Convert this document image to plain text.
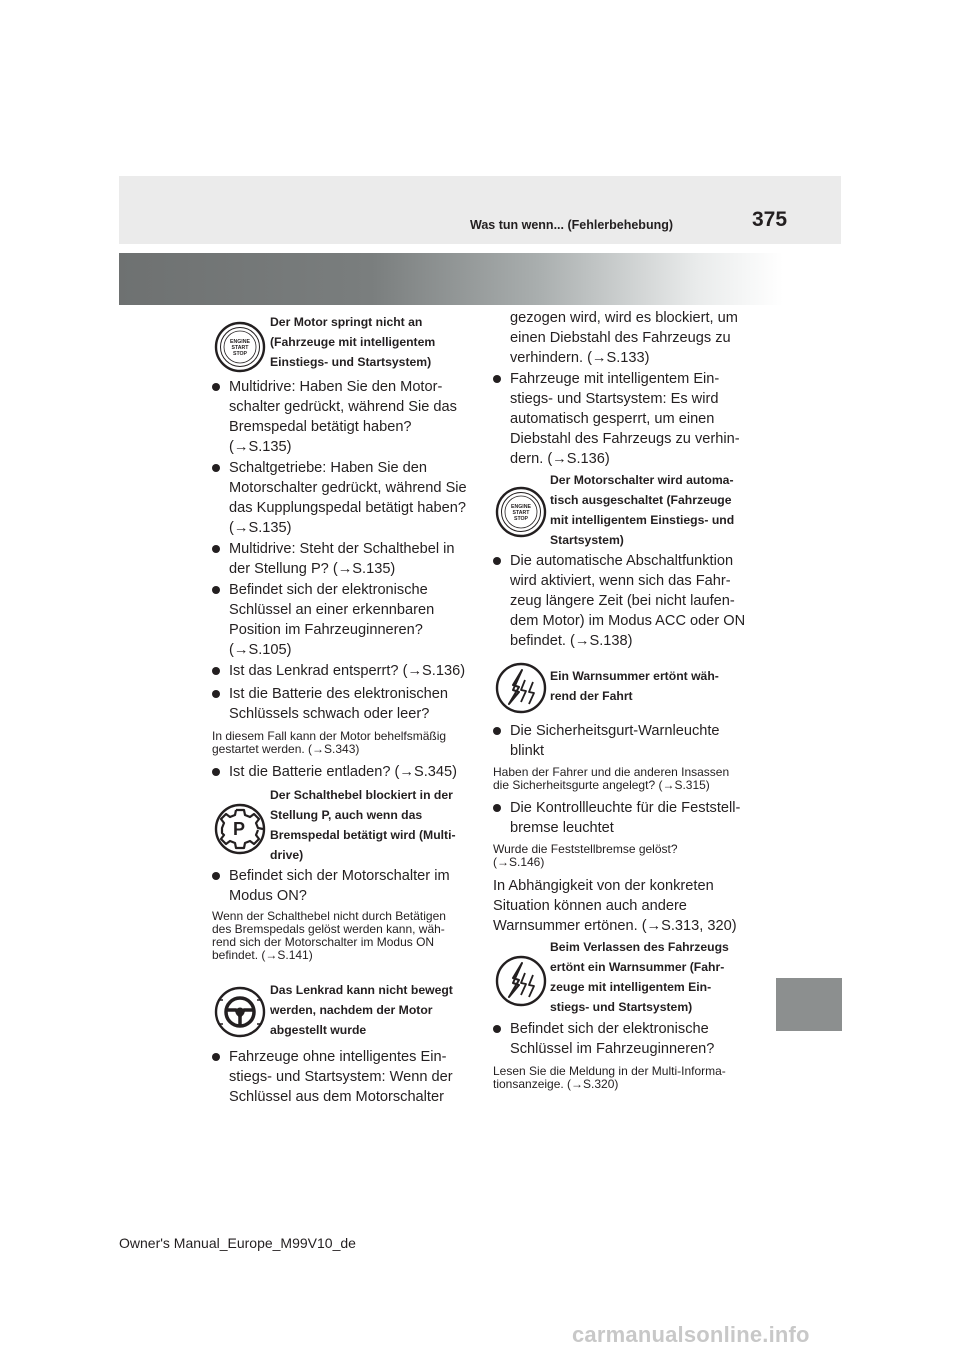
Was tun wenn... (Fehlerbehebung)	375
ENGINE
START
STOP
Der Motor springt nicht an
(Fahrzeuge mit intelligentem
Einstiegs- und Startsystem)
Multidrive: Haben Sie den Motor-
schalter gedrückt, während Sie das
Bremspedal betätigt haben?
(→S.135)
Schaltgetriebe: Haben Sie den
Motorschalter gedrückt, während Sie
das Kupplungspedal betätigt haben?
(→S.135)
Multidrive: Steht der Schalthebel in
der Stellung P? (→S.135)
Befindet sich der elektronische
Schlüssel an einer erkennbaren
Position im Fahrzeuginneren?
(→S.105)
Ist das Lenkrad entsperrt? (→S.136)
Ist die Batterie des elektronischen
Schlüssels schwach oder leer?
In diesem Fall kann der Motor behelfsmäßig
gestartet werden. (→S.343)
Ist die Batterie entladen? (→S.345)
P
Der Schalthebel blockiert in der
Stellung P, auch wenn das
Bremspedal betätigt wird (Multi-
drive)
Befindet sich der Motorschalter im
Modus ON?
Wenn der Schalthebel nicht durch Betätigen
des Bremspedals gelöst werden kann, wäh-
rend sich der Motorschalter im Modus ON
befindet. (→S.141)
Das Lenkrad kann nicht bewegt
werden, nachdem der Motor
abgestellt wurde
Fahrzeuge ohne intelligentes Ein-
stiegs- und Startsystem: Wenn der
Schlüssel aus dem Motorschalter
gezogen wird, wird es blockiert, um
einen Diebstahl des Fahrzeugs zu
verhindern. (→S.133)
Fahrzeuge mit intelligentem Ein-
stiegs- und Startsystem: Es wird
automatisch gesperrt, um einen
Diebstahl des Fahrzeugs zu verhin-
dern. (→S.136)
ENGINE
START
STOP
Der Motorschalter wird automa-
tisch ausgeschaltet (Fahrzeuge
mit intelligentem Einstiegs- und
Startsystem)
Die automatische Abschaltfunktion
wird aktiviert, wenn sich das Fahr-
zeug längere Zeit (bei nicht laufen-
dem Motor) im Modus ACC oder ON
befindet. (→S.138)
Ein Warnsummer ertönt wäh-
rend der Fahrt
Die Sicherheitsgurt-Warnleuchte
blinkt
Haben der Fahrer und die anderen Insassen
die Sicherheitsgurte angelegt? (→S.315)
Die Kontrollleuchte für die Feststell-
bremse leuchtet
Wurde die Feststellbremse gelöst?
(→S.146)
In Abhängigkeit von der konkreten
Situation können auch andere
Warnsummer ertönen. (→S.313, 320)
Beim Verlassen des Fahrzeugs
ertönt ein Warnsummer (Fahr-
zeuge mit intelligentem Ein-
stiegs- und Startsystem)
Befindet sich der elektronische
Schlüssel im Fahrzeuginneren?
Lesen Sie die Meldung in der Multi-Informa-
tionsanzeige. (→S.320)
Owner's Manual_Europe_M99V10_de
carmanualsonline.info
